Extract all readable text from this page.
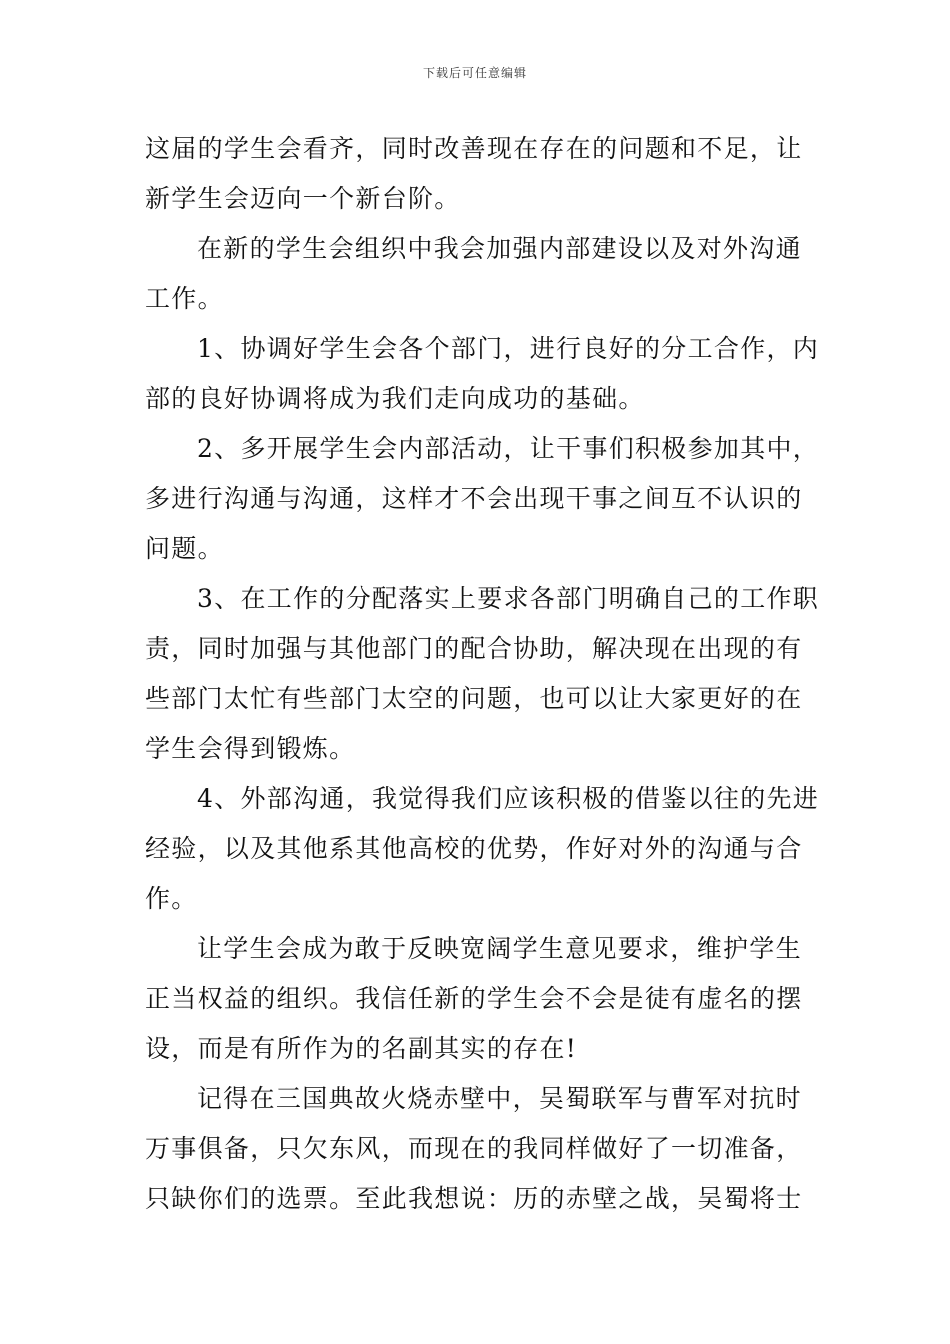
下载后可任意编辑
这届的学生会看齐，同时改善现在存在的问题和不足，让
新学生会迈向一个新台阶。
在新的学生会组织中我会加强内部建设以及对外沟通
工作。
1、协调好学生会各个部门，进行良好的分工合作，内
部的良好协调将成为我们走向成功的基础。
2、多开展学生会内部活动，让干事们积极参加其中，
多进行沟通与沟通，这样才不会出现干事之间互不认识的
问题。
3、在工作的分配落实上要求各部门明确自己的工作职
责，同时加强与其他部门的配合协助，解决现在出现的有
些部门太忙有些部门太空的问题，也可以让大家更好的在
学生会得到锻炼。
4、外部沟通，我觉得我们应该积极的借鉴以往的先进
经验，以及其他系其他高校的优势，作好对外的沟通与合
作。
让学生会成为敢于反映宽阔学生意见要求，维护学生
正当权益的组织。我信任新的学生会不会是徒有虚名的摆
设，而是有所作为的名副其实的存在!
记得在三国典故火烧赤壁中，吴蜀联军与曹军对抗时
万事俱备，只欠东风，而现在的我同样做好了一切准备，
只缺你们的选票。至此我想说：历的赤壁之战，吴蜀将士
